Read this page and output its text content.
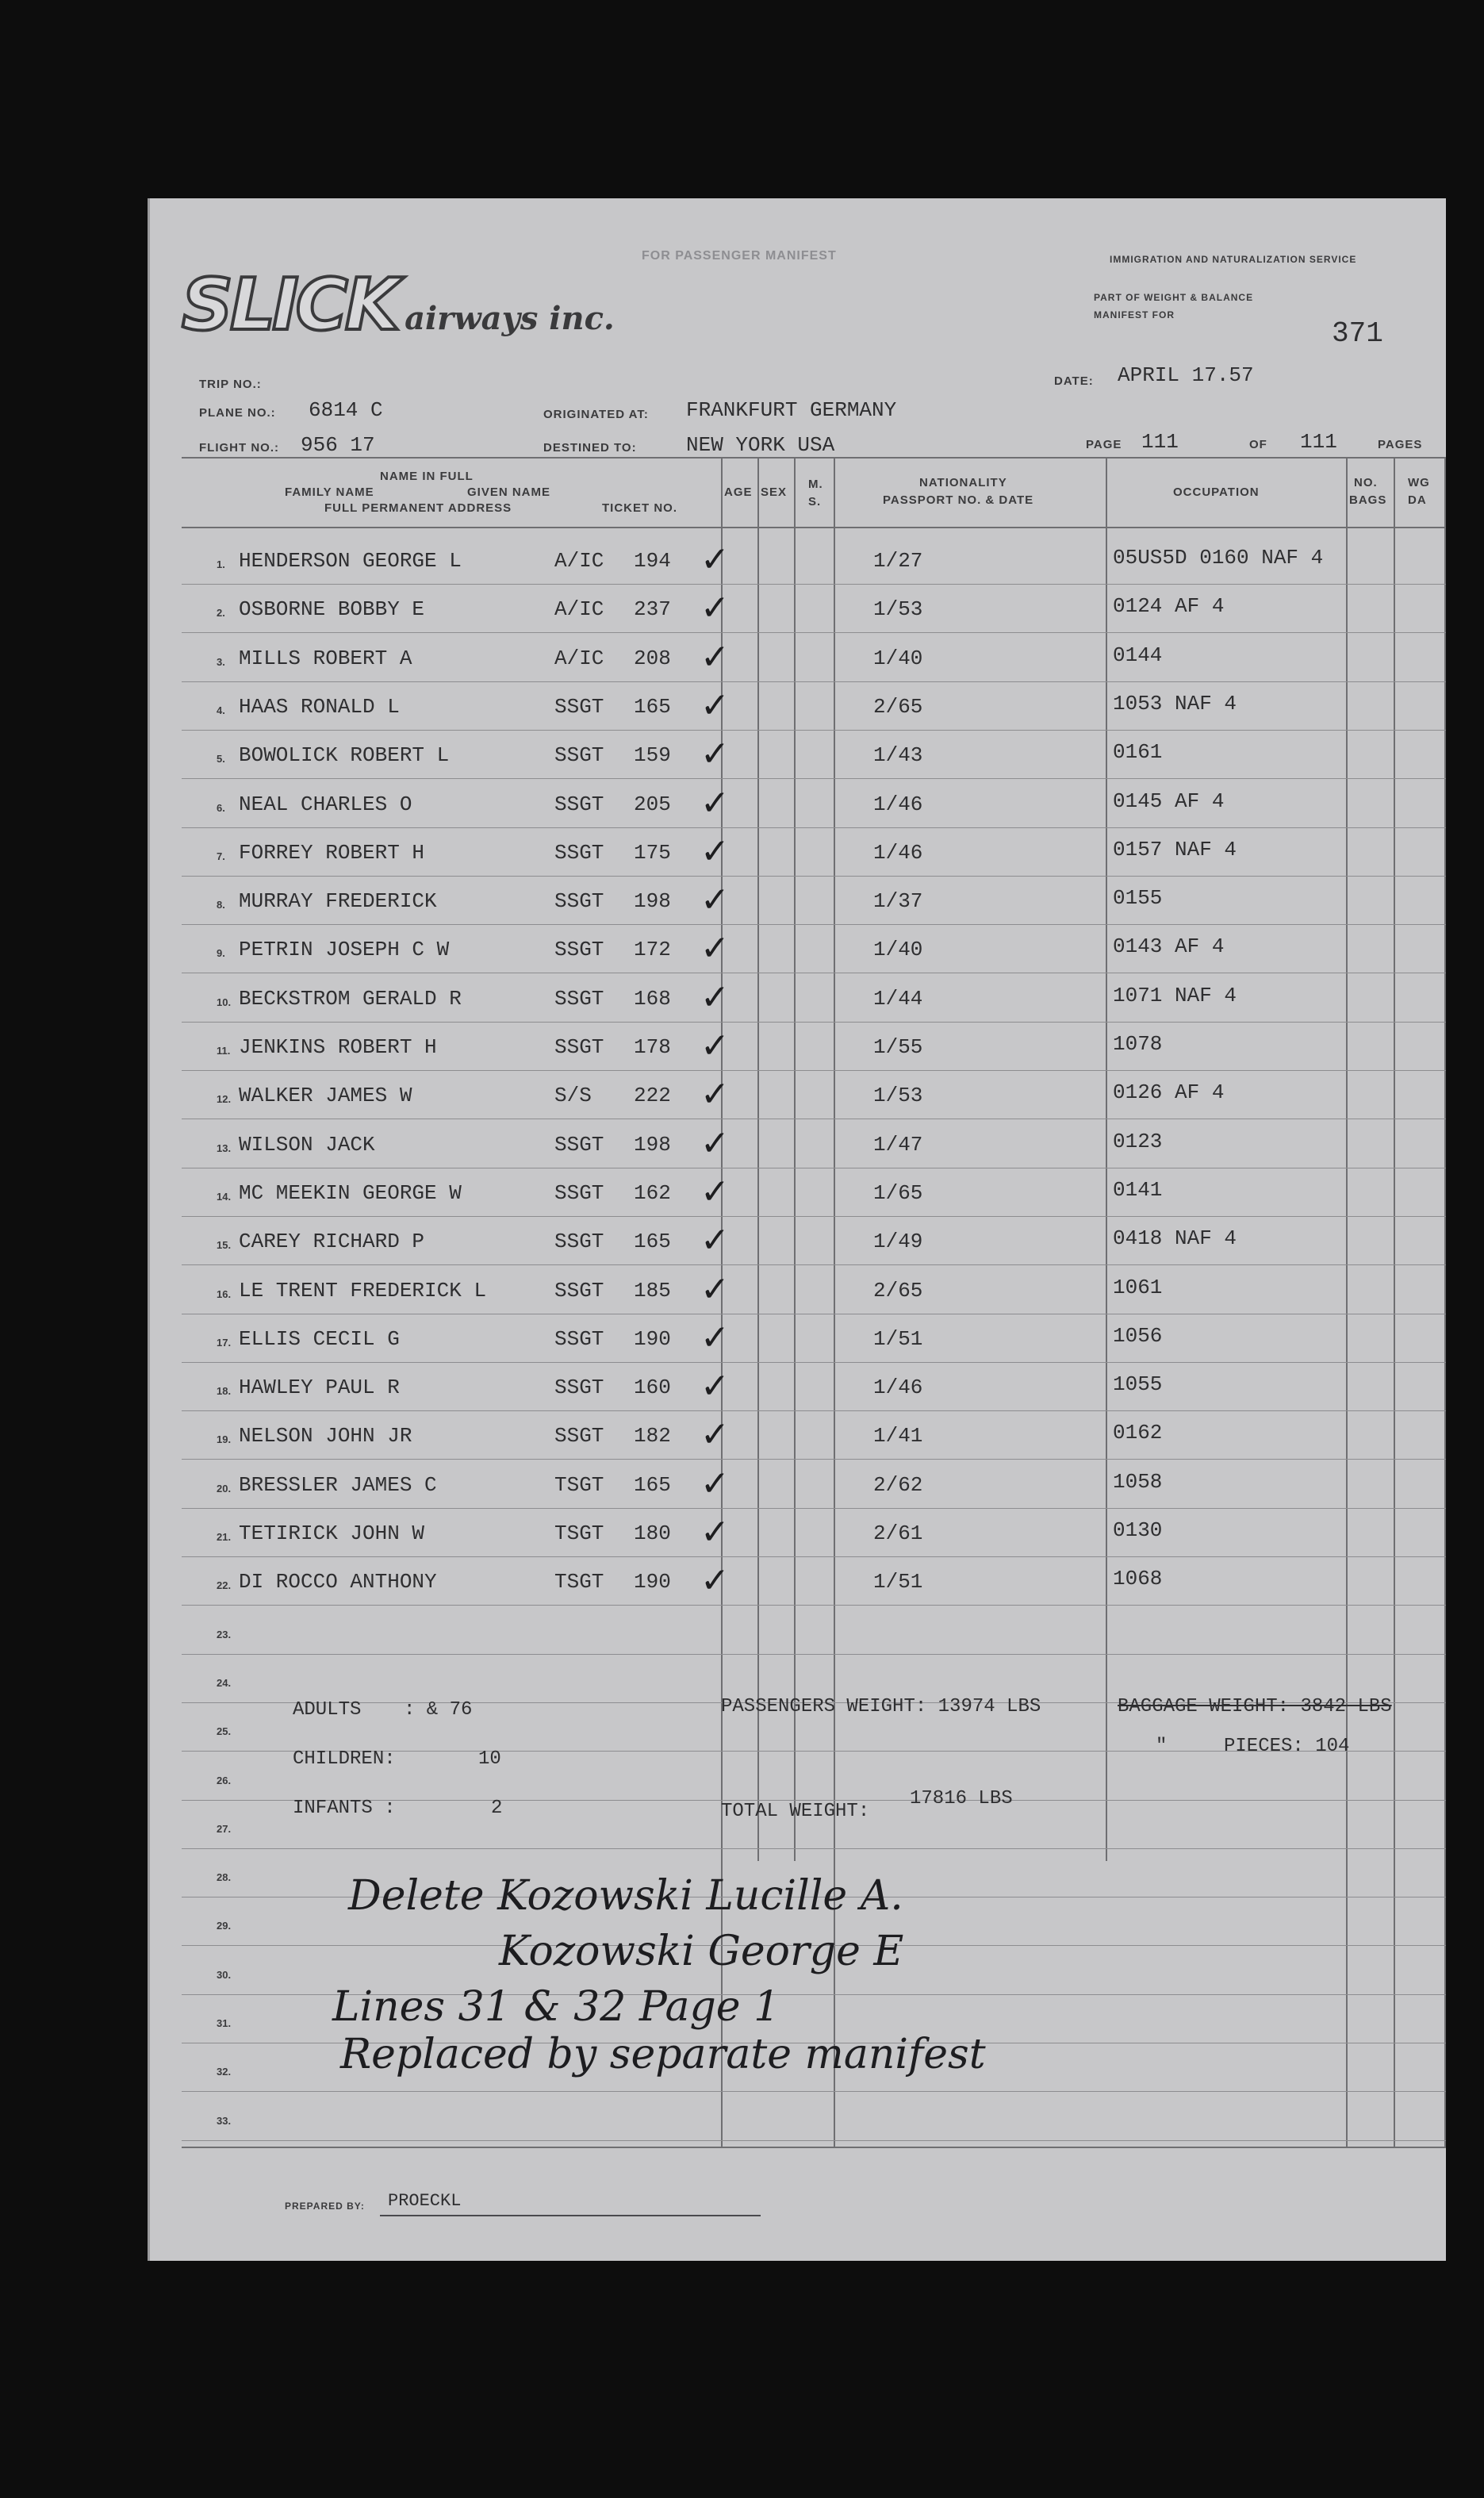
FOR PASSENGER MANIFEST	IMMIGRATION AND NATURALIZATION SERVICE
PART OF WEIGHT & BALANCE
MANIFEST FOR
371
SLICK airways inc.
TRIP NO.:
PLANE NO.: 6814 C
FLIGHT NO.: 956 17
ORIGINATED AT: FRANKFURT GERMANY
DESTINED TO: NEW YORK USA
DATE: APRIL 17.57
PAGE 111	OF 111	PAGES
NAME IN FULL
FAMILY NAME	GIVEN NAME
FULL PERMANENT ADDRESS	TICKET NO.
AGE SEX
M.
S.
NATIONALITY
PASSPORT NO. & DATE
OCCUPATION
NO.
BAGS
WG
DA
1. HENDERSON GEORGE L	A/IC 194 ✓	1/27	05US5D 0160 NAF 4
2. OSBORNE BOBBY E	A/IC 237 ✓	1/53	0124 AF 4
3. MILLS ROBERT A	A/IC 208 ✓	1/40	0144
4. HAAS RONALD L	SSGT 165 ✓	2/65	1053 NAF 4
5. BOWOLICK ROBERT L	SSGT 159 ✓	1/43	0161
6. NEAL CHARLES O	SSGT 205 ✓	1/46	0145 AF 4
7. FORREY ROBERT H	SSGT 175 ✓	1/46	0157 NAF 4
8. MURRAY FREDERICK	SSGT 198 ✓	1/37	0155
9. PETRIN JOSEPH C W	SSGT 172 ✓	1/40	0143 AF 4
10. BECKSTROM GERALD R	SSGT 168 ✓	1/44	1071 NAF 4
11. JENKINS ROBERT H	SSGT 178 ✓	1/55	1078
12. WALKER JAMES W	S/S 222 ✓	1/53	0126 AF 4
13. WILSON JACK	SSGT 198 ✓	1/47	0123
14. MC MEEKIN GEORGE W	SSGT 162 ✓	1/65	0141
15. CAREY RICHARD P	SSGT 165 ✓	1/49	0418 NAF 4
16. LE TRENT FREDERICK L	SSGT 185 ✓	2/65	1061
17. ELLIS CECIL G	SSGT 190 ✓	1/51	1056
18. HAWLEY PAUL R	SSGT 160 ✓	1/46	1055
19. NELSON JOHN JR	SSGT 182 ✓	1/41	0162
20. BRESSLER JAMES C	TSGT 165 ✓	2/62	1058
21. TETIRICK JOHN W	TSGT 180 ✓	2/61	0130
22. DI ROCCO ANTHONY	TSGT 190 ✓	1/51	1068
23.
24.
25.
26.
27.
28.
29.
30.
31.
32.
33.
ADULTS : & 76
CHILDREN:	10
INFANTS :	2
PASSENGERS WEIGHT: 13974 LBS	BAGGAGE WEIGHT: 3842 LBS
"	PIECES: 104
TOTAL WEIGHT:
17816 LBS
Delete Kozowski Lucille A.
Kozowski George E
Lines 31 & 32 Page 1
Replaced by separate manifest
PREPARED BY: PROECKL
